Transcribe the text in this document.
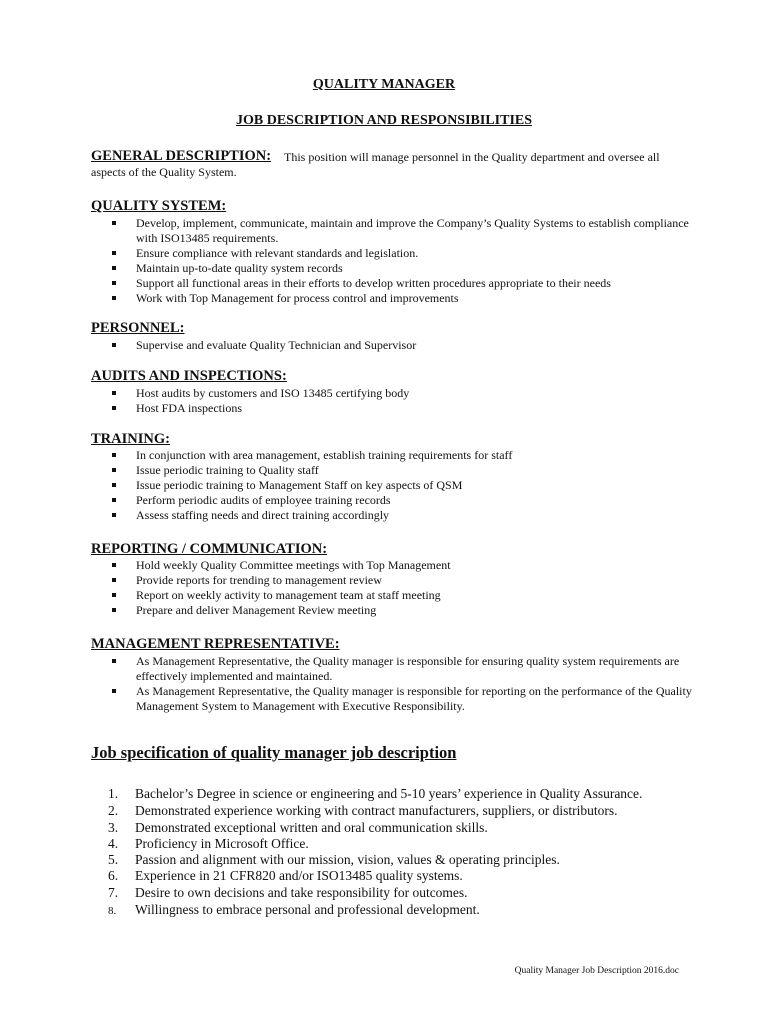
QUALITY MANAGER
JOB DESCRIPTION AND RESPONSIBILITIES
GENERAL DESCRIPTION: This position will manage personnel in the Quality department and oversee all
aspects of the Quality System.
QUALITY SYSTEM:
Develop, implement, communicate, maintain and improve the Company’s Quality Systems to establish compliance with ISO13485 requirements.
Ensure compliance with relevant standards and legislation.
Maintain up-to-date quality system records
Support all functional areas in their efforts to develop written procedures appropriate to their needs
Work with Top Management for process control and improvements
PERSONNEL:
Supervise and evaluate Quality Technician and Supervisor
AUDITS AND INSPECTIONS:
Host audits by customers and ISO 13485 certifying body
Host FDA inspections
TRAINING:
In conjunction with area management, establish training requirements for staff
Issue periodic training to Quality staff
Issue periodic training to Management Staff on key aspects of QSM
Perform periodic audits of employee training records
Assess staffing needs and direct training accordingly
REPORTING / COMMUNICATION:
Hold weekly Quality Committee meetings with Top Management
Provide reports for trending to management review
Report on weekly activity to management team at staff meeting
Prepare and deliver Management Review meeting
MANAGEMENT REPRESENTATIVE:
As Management Representative, the Quality manager is responsible for ensuring quality system requirements are effectively implemented and maintained.
As Management Representative, the Quality manager is responsible for reporting on the performance of the Quality Management System to Management with Executive Responsibility.
Job specification of quality manager job description
1. Bachelor’s Degree in science or engineering and 5-10 years’ experience in Quality Assurance.
2. Demonstrated experience working with contract manufacturers, suppliers, or distributors.
3. Demonstrated exceptional written and oral communication skills.
4. Proficiency in Microsoft Office.
5. Passion and alignment with our mission, vision, values & operating principles.
6. Experience in 21 CFR820 and/or ISO13485 quality systems.
7. Desire to own decisions and take responsibility for outcomes.
8. Willingness to embrace personal and professional development.
Quality Manager Job Description 2016.doc
